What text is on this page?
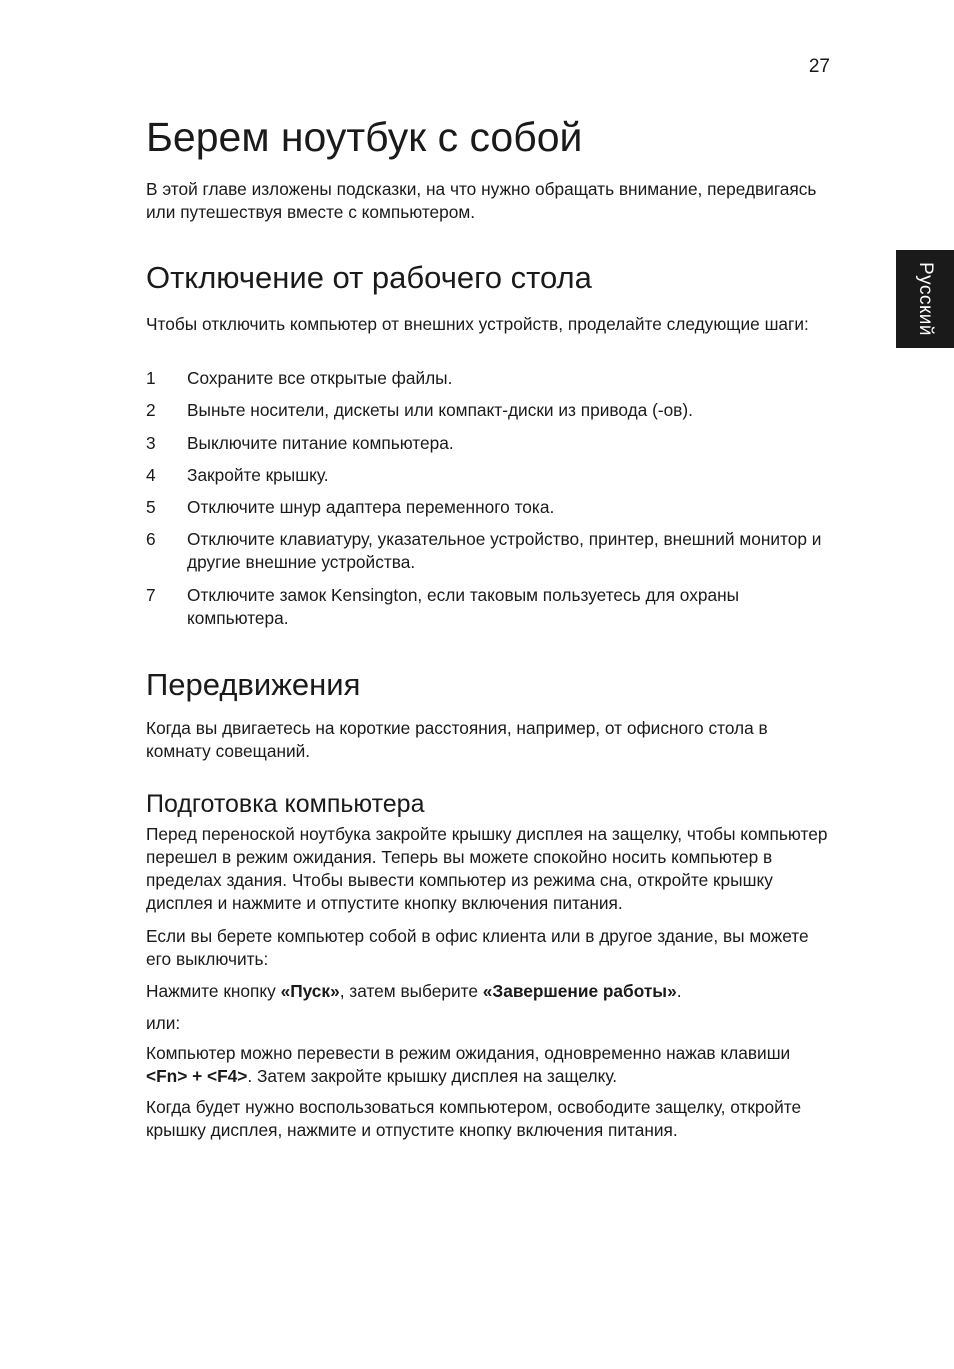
27
Русский
Берем ноутбук с собой

В этой главе изложены подсказки, на что нужно обращать внимание, передвигаясь или путешествуя вместе с компьютером.

Отключение от рабочего стола

Чтобы отключить компьютер от внешних устройств, проделайте следующие шаги:

1	Сохраните все открытые файлы.
2	Выньте носители, дискеты или компакт-диски из привода (-ов).
3	Выключите питание компьютера.
4	Закройте крышку.
5	Отключите шнур адаптера переменного тока.
6	Отключите клавиатуру, указательное устройство, принтер, внешний монитор и другие внешние устройства.
7	Отключите замок Kensington, если таковым пользуетесь для охраны компьютера.
Передвижения

Когда вы двигаетесь на короткие расстояния, например, от офисного стола в комнату совещаний.

Подготовка компьютера

Перед переноской ноутбука закройте крышку дисплея на защелку, чтобы компьютер перешел в режим ожидания. Теперь вы можете спокойно носить компьютер в пределах здания. Чтобы вывести компьютер из режима сна, откройте крышку дисплея и нажмите и отпустите кнопку включения питания.

Если вы берете компьютер собой в офис клиента или в другое здание, вы можете его выключить:

Нажмите кнопку «Пуск», затем выберите «Завершение работы».

или:

Компьютер можно перевести в режим ожидания, одновременно нажав клавиши <Fn> + <F4>. Затем закройте крышку дисплея на защелку.

Когда будет нужно воспользоваться компьютером, освободите защелку, откройте крышку дисплея, нажмите и отпустите кнопку включения питания.
